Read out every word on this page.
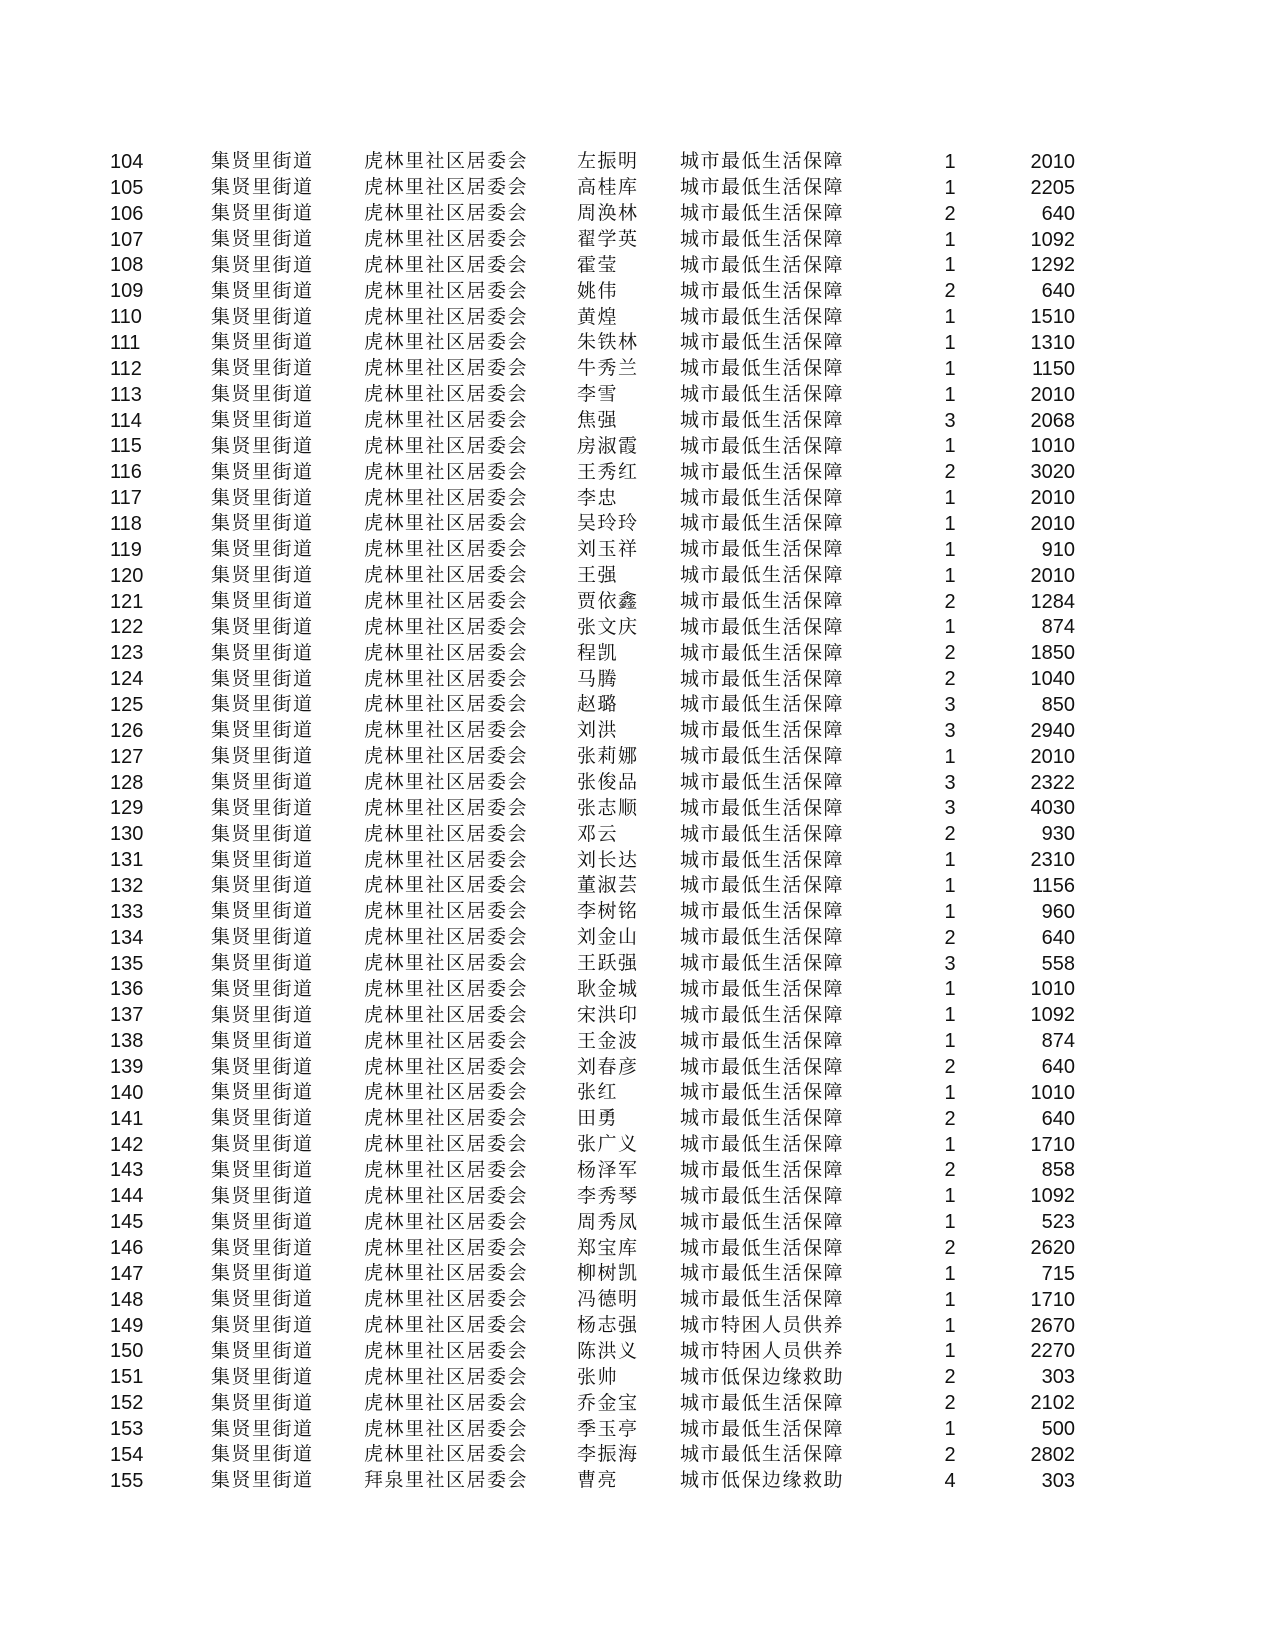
104	集贤里街道	虎林里社区居委会	左振明	城市最低生活保障	1	2010
105	集贤里街道	虎林里社区居委会	高桂库	城市最低生活保障	1	2205
106	集贤里街道	虎林里社区居委会	周涣林	城市最低生活保障	2	640
107	集贤里街道	虎林里社区居委会	翟学英	城市最低生活保障	1	1092
108	集贤里街道	虎林里社区居委会	霍莹	城市最低生活保障	1	1292
109	集贤里街道	虎林里社区居委会	姚伟	城市最低生活保障	2	640
110	集贤里街道	虎林里社区居委会	黄煌	城市最低生活保障	1	1510
111	集贤里街道	虎林里社区居委会	朱铁林	城市最低生活保障	1	1310
112	集贤里街道	虎林里社区居委会	牛秀兰	城市最低生活保障	1	1150
113	集贤里街道	虎林里社区居委会	李雪	城市最低生活保障	1	2010
114	集贤里街道	虎林里社区居委会	焦强	城市最低生活保障	3	2068
115	集贤里街道	虎林里社区居委会	房淑霞	城市最低生活保障	1	1010
116	集贤里街道	虎林里社区居委会	王秀红	城市最低生活保障	2	3020
117	集贤里街道	虎林里社区居委会	李忠	城市最低生活保障	1	2010
118	集贤里街道	虎林里社区居委会	吴玲玲	城市最低生活保障	1	2010
119	集贤里街道	虎林里社区居委会	刘玉祥	城市最低生活保障	1	910
120	集贤里街道	虎林里社区居委会	王强	城市最低生活保障	1	2010
121	集贤里街道	虎林里社区居委会	贾依鑫	城市最低生活保障	2	1284
122	集贤里街道	虎林里社区居委会	张文庆	城市最低生活保障	1	874
123	集贤里街道	虎林里社区居委会	程凯	城市最低生活保障	2	1850
124	集贤里街道	虎林里社区居委会	马腾	城市最低生活保障	2	1040
125	集贤里街道	虎林里社区居委会	赵璐	城市最低生活保障	3	850
126	集贤里街道	虎林里社区居委会	刘洪	城市最低生活保障	3	2940
127	集贤里街道	虎林里社区居委会	张莉娜	城市最低生活保障	1	2010
128	集贤里街道	虎林里社区居委会	张俊品	城市最低生活保障	3	2322
129	集贤里街道	虎林里社区居委会	张志顺	城市最低生活保障	3	4030
130	集贤里街道	虎林里社区居委会	邓云	城市最低生活保障	2	930
131	集贤里街道	虎林里社区居委会	刘长达	城市最低生活保障	1	2310
132	集贤里街道	虎林里社区居委会	董淑芸	城市最低生活保障	1	1156
133	集贤里街道	虎林里社区居委会	李树铭	城市最低生活保障	1	960
134	集贤里街道	虎林里社区居委会	刘金山	城市最低生活保障	2	640
135	集贤里街道	虎林里社区居委会	王跃强	城市最低生活保障	3	558
136	集贤里街道	虎林里社区居委会	耿金城	城市最低生活保障	1	1010
137	集贤里街道	虎林里社区居委会	宋洪印	城市最低生活保障	1	1092
138	集贤里街道	虎林里社区居委会	王金波	城市最低生活保障	1	874
139	集贤里街道	虎林里社区居委会	刘春彦	城市最低生活保障	2	640
140	集贤里街道	虎林里社区居委会	张红	城市最低生活保障	1	1010
141	集贤里街道	虎林里社区居委会	田勇	城市最低生活保障	2	640
142	集贤里街道	虎林里社区居委会	张广义	城市最低生活保障	1	1710
143	集贤里街道	虎林里社区居委会	杨泽军	城市最低生活保障	2	858
144	集贤里街道	虎林里社区居委会	李秀琴	城市最低生活保障	1	1092
145	集贤里街道	虎林里社区居委会	周秀凤	城市最低生活保障	1	523
146	集贤里街道	虎林里社区居委会	郑宝库	城市最低生活保障	2	2620
147	集贤里街道	虎林里社区居委会	柳树凯	城市最低生活保障	1	715
148	集贤里街道	虎林里社区居委会	冯德明	城市最低生活保障	1	1710
149	集贤里街道	虎林里社区居委会	杨志强	城市特困人员供养	1	2670
150	集贤里街道	虎林里社区居委会	陈洪义	城市特困人员供养	1	2270
151	集贤里街道	虎林里社区居委会	张帅	城市低保边缘救助	2	303
152	集贤里街道	虎林里社区居委会	乔金宝	城市最低生活保障	2	2102
153	集贤里街道	虎林里社区居委会	季玉亭	城市最低生活保障	1	500
154	集贤里街道	虎林里社区居委会	李振海	城市最低生活保障	2	2802
155	集贤里街道	拜泉里社区居委会	曹亮	城市低保边缘救助	4	303
